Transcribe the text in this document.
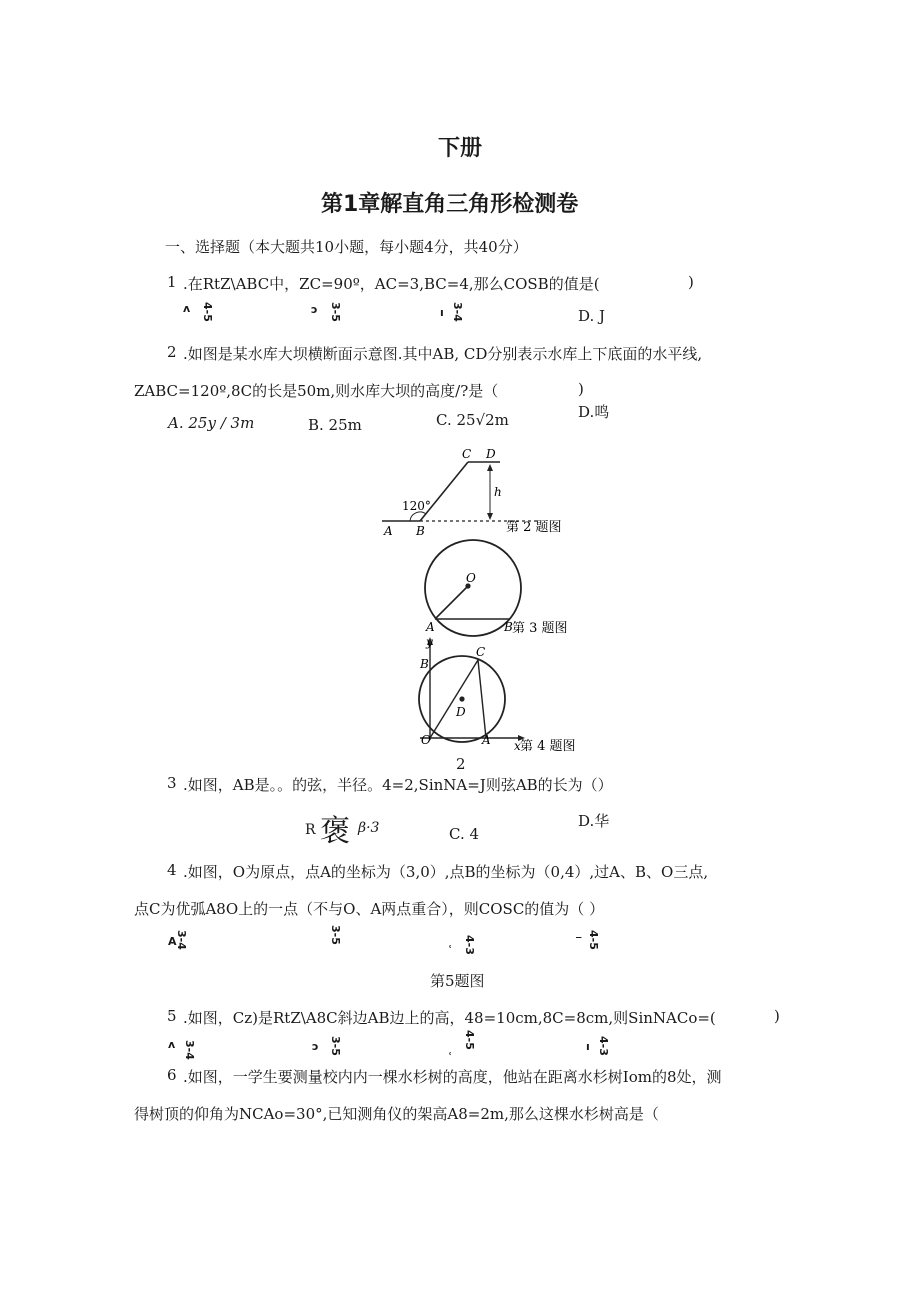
下册
第1章解直角三角形检测卷
一、选择题（本大题共10小题，每小题4分，共40分）
1 .在RtZ\ABC中，ZC=90º，AC=3,BC=4,那么COSB的值是(	)
ʌ 4-5	ɔ 3-5	ı 3-4	D. J
2 .如图是某水库大坝横断面示意图.其中AB, CD分别表示水库上下底面的水平线,
ZABC=120º,8C的长是50m,则水库大坝的高度/?是（	)
A. 25y / 3m	B. 25m	C. 25√2m	D.鸣
120°
A B
C D
h
第 2 题图
O
A	B 第 3 题图
y
x
B
C
D
O	A 第 4 题图
2
3 .如图，AB是。。的弦，半径。4=2,SinNA=J则弦AB的长为（）
R 褒 β·3	C. 4
D.华
4 .如图，O为原点，点A的坐标为（3,0）,点B的坐标为（0,4）,过A、B、O三点,
点C为优弧A8O上的一点（不与O、A两点重合），则COSC的值为（ ）
A
3-4	3-5
ʿ 4-3	‾ 4-5
第5题图
5 .如图，Cz)是RtZ\A8C斜边AB边上的高，48=10cm,8C=8cm,则SinNACo=(	)
ʌ 3-4	ɔ 3-5
ʿ
4-5	ı 4-3
6 .如图，一学生要测量校内内一棵水杉树的高度，他站在距离水杉树Iom的8处，测
得树顶的仰角为NCAo=30°,已知测角仪的架高A8=2m,那么这棵水杉树高是（
